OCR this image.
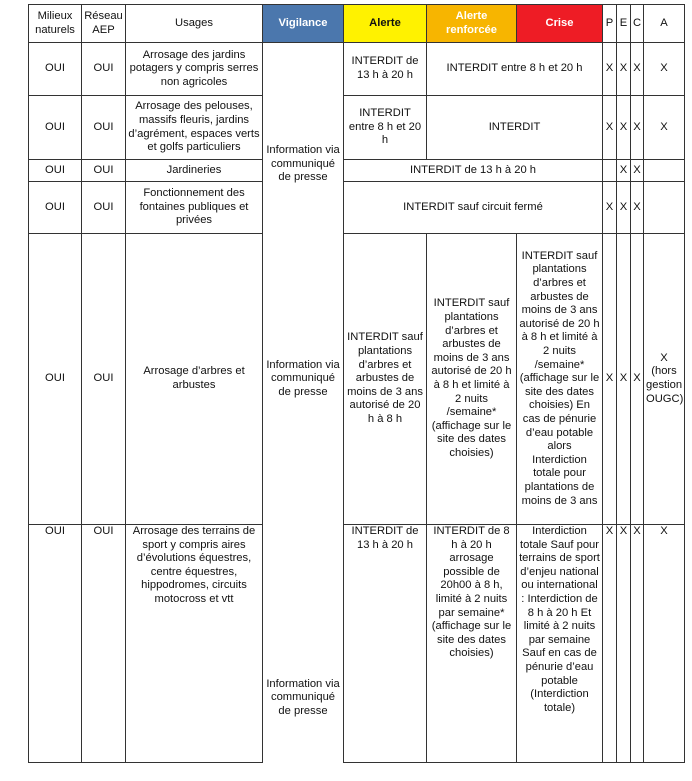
Milieux naturels	Réseau AEP	Usages	Vigilance	Alerte	Alerte renforcée	Crise	P	E	C	A
OUI	OUI	Arrosage des jardins potagers y compris serres non agricoles		INTERDIT de 13 h à 20 h	INTERDIT entre 8 h et 20 h		X	X	X	X
OUI	OUI	Arrosage des pelouses, massifs fleuris, jardins d’agrément, espaces verts et golfs particuliers	Information via communiqué de presse	INTERDIT entre 8 h et 20 h	INTERDIT		X	X	X	X
OUI	OUI	Jardineries		INTERDIT de 13 h à 20 h				X	X	
OUI	OUI	Fonctionnement des fontaines publiques et privées		INTERDIT sauf circuit fermé			X	X	X	
OUI	OUI	Arrosage d’arbres et arbustes	Information via communiqué de presse	INTERDIT sauf plantations d’arbres et arbustes de moins de 3 ans autorisé de 20 h à 8 h	INTERDIT sauf plantations d’arbres et arbustes de moins de 3 ans autorisé de 20 h à 8 h et limité à 2 nuits /semaine* (affichage sur le site des dates choisies)	INTERDIT sauf plantations d’arbres et arbustes de moins de 3 ans autorisé de 20 h à 8 h et limité à 2 nuits /semaine* (affichage sur le site des dates choisies) En cas de pénurie d’eau potable alors Interdiction totale pour plantations de moins de 3 ans	X	X	X	X (hors gestion OUGC)
OUI	OUI	Arrosage des terrains de sport y compris aires d’évolutions équestres, centre équestres, hippodromes, circuits motocross et vtt	Information via communiqué de presse	INTERDIT de 13 h à 20 h	INTERDIT de 8 h à 20 h arrosage possible de 20h00 à 8 h, limité à 2 nuits par semaine* (affichage sur le site des dates choisies)	Interdiction totale Sauf pour terrains de sport d’enjeu national ou international : Interdiction de 8 h à 20 h Et limité à 2 nuits par semaine Sauf en cas de pénurie d’eau potable (Interdiction totale)	X	X	X	X
